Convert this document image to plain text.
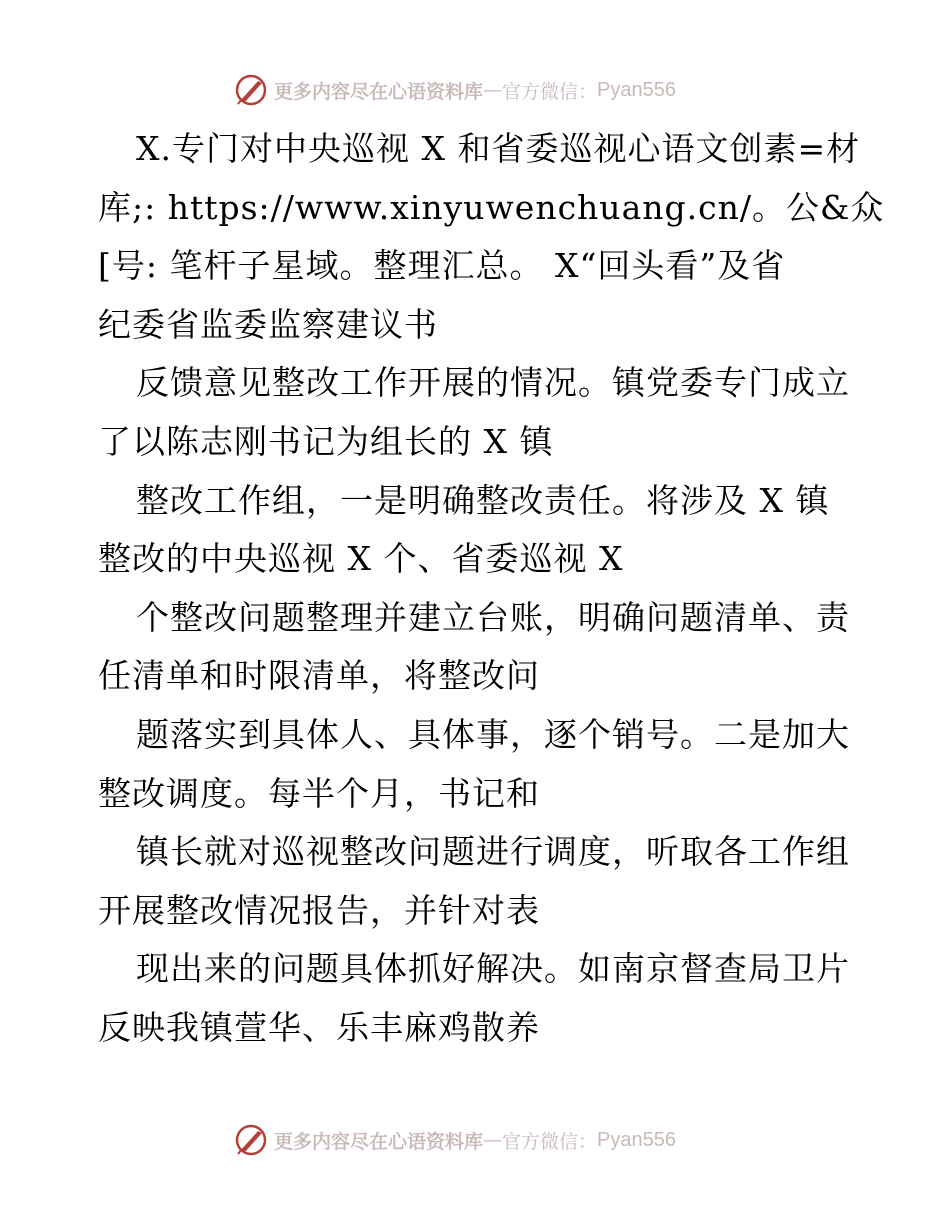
更多内容尽在心语资料库 — 官方微信： Pyan556
X.专门对中央巡视 X 和省委巡视心语文创素=材
库;: https://www.xinyuwenchuang.cn/。公&众
[号: 笔杆子星域。整理汇总。 X“回头看”及省
纪委省监委监察建议书
反馈意见整改工作开展的情况。镇党委专门成立
了以陈志刚书记为组长的 X 镇
整改工作组，一是明确整改责任。将涉及 X 镇
整改的中央巡视 X 个、省委巡视 X
个整改问题整理并建立台账，明确问题清单、责
任清单和时限清单，将整改问
题落实到具体人、具体事，逐个销号。二是加大
整改调度。每半个月，书记和
镇长就对巡视整改问题进行调度，听取各工作组
开展整改情况报告，并针对表
现出来的问题具体抓好解决。如南京督查局卫片
反映我镇萱华、乐丰麻鸡散养
更多内容尽在心语资料库 — 官方微信： Pyan556
